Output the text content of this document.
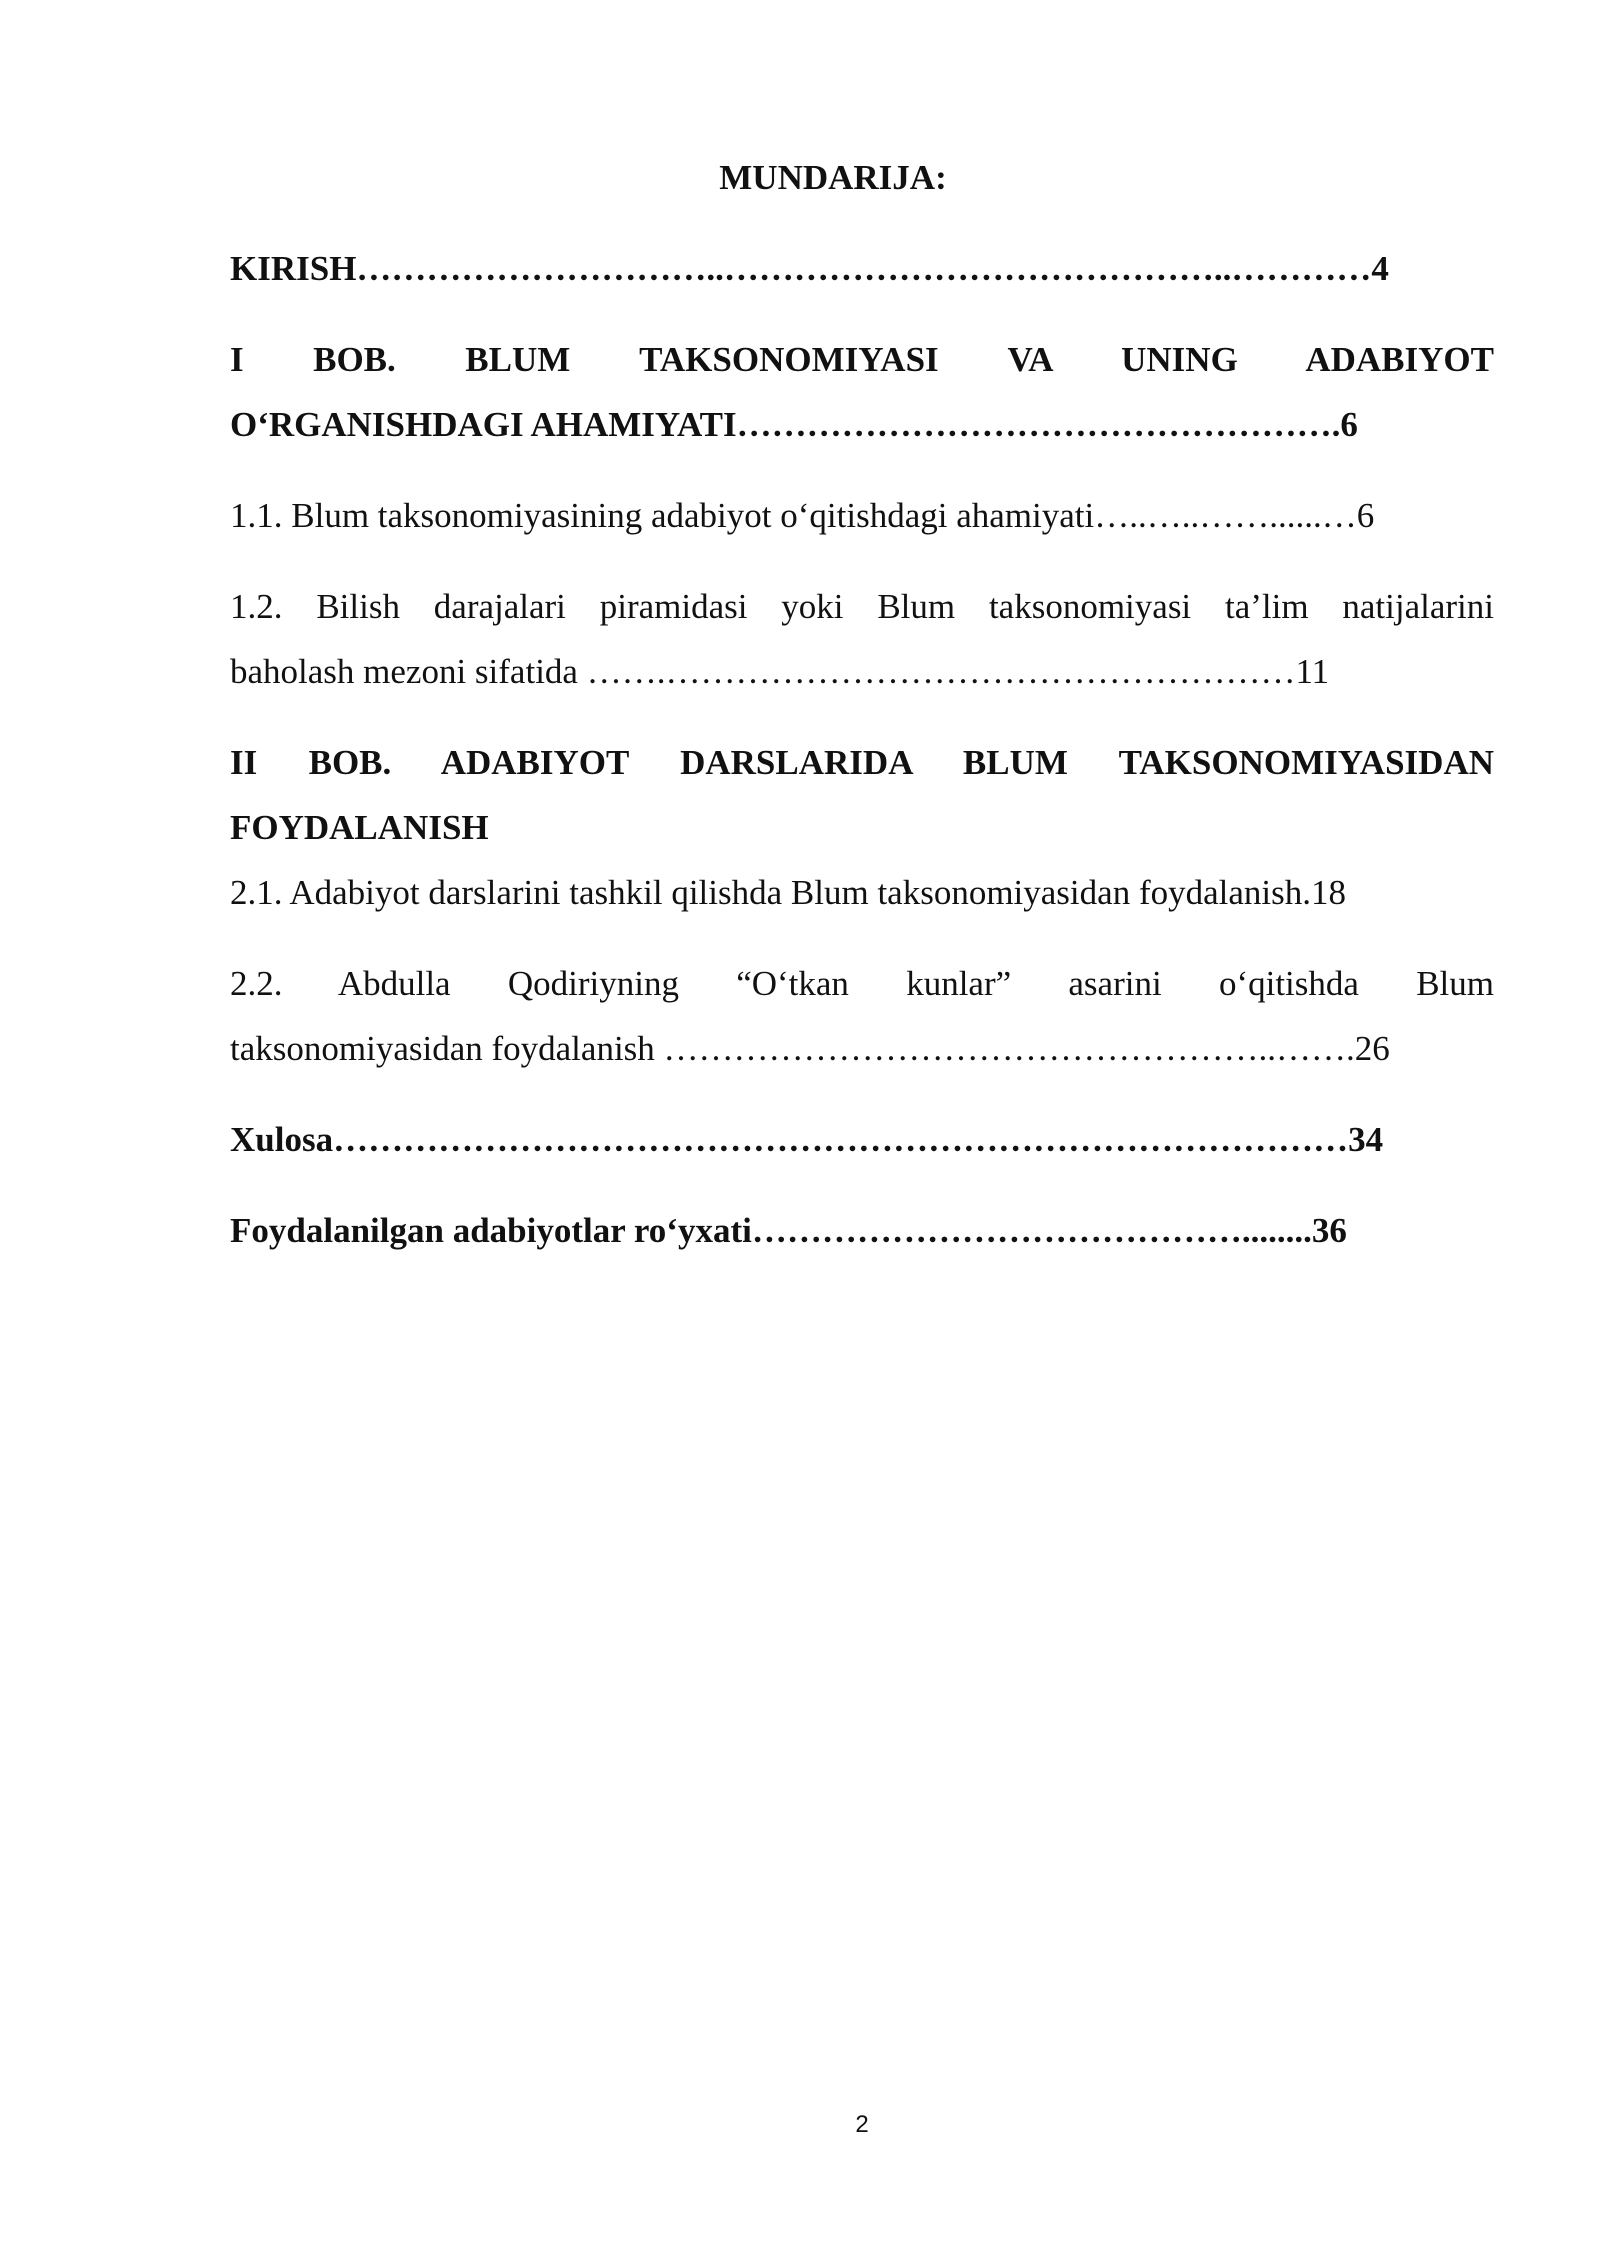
MUNDARIJA:
KIRISH…………………………..……………………………………..…………4
I BOB. BLUM TAKSONOMIYASI VA UNING ADABIYOT
O‘RGANISHDAGI AHAMIYATI…………………………………………….6
1.1. Blum taksonomiyasining adabiyot o‘qitishdagi ahamiyati…..…..……......…6
1.2. Bilish darajalari piramidasi yoki Blum taksonomiyasi ta’lim natijalarini
baholash mezoni sifatida …….………………………………………………11
II BOB. ADABIYOT DARSLARIDA BLUM TAKSONOMIYASIDAN
FOYDALANISH
2.1. Adabiyot darslarini tashkil qilishda Blum taksonomiyasidan foydalanish.18
2.2. Abdulla Qodiriyning “O‘tkan kunlar” asarini o‘qitishda Blum
taksonomiyasidan foydalanish ……………………………………………..…….26
Xulosa……………………………………………………………………………34
Foydalanilgan adabiyotlar ro‘yxati……………………………………........36
2
